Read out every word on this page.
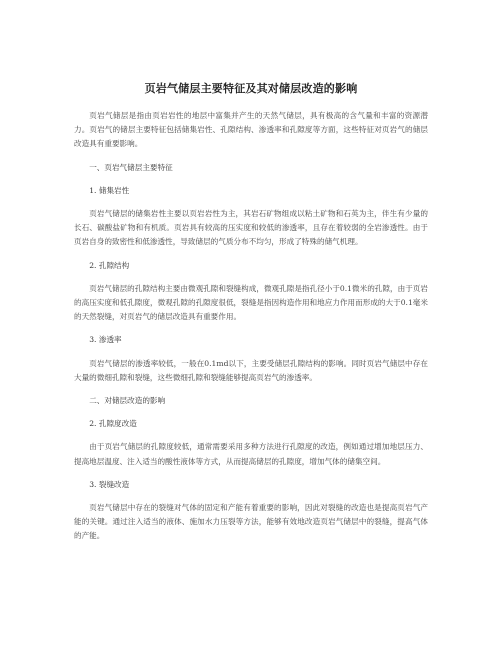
页岩气储层主要特征及其对储层改造的影响

页岩气储层是指由页岩岩性的地层中富集并产生的天然气储层，具有极高的含气量和丰富的资源潜力。页岩气的储层主要特征包括储集岩性、孔隙结构、渗透率和孔隙度等方面，这些特征对页岩气的储层改造具有重要影响。

一、页岩气储层主要特征

1. 储集岩性

页岩气储层的储集岩性主要以页岩岩性为主，其岩石矿物组成以粘土矿物和石英为主，伴生有少量的长石、碳酸盐矿物和有机质。页岩具有较高的压实度和较低的渗透率，且存在着较弱的全岩渗透性。由于页岩自身的致密性和低渗透性，导致储层的气质分布不均匀，形成了特殊的储气机理。

2. 孔隙结构

页岩气储层的孔隙结构主要由微观孔隙和裂缝构成，微观孔隙是指孔径小于0.1微米的孔隙，由于页岩的高压实度和低孔隙度，微观孔隙的孔隙度很低，裂缝是指因构造作用和地应力作用而形成的大于0.1毫米的天然裂缝，对页岩气的储层改造具有重要作用。

3. 渗透率

页岩气储层的渗透率较低，一般在0.1md以下，主要受储层孔隙结构的影响。同时页岩气储层中存在大量的微细孔隙和裂缝，这些微细孔隙和裂缝能够提高页岩气的渗透率。

二、对储层改造的影响

2. 孔隙度改造

由于页岩气储层的孔隙度较低，通常需要采用多种方法进行孔隙度的改造，例如通过增加地层压力、提高地层温度、注入适当的酸性液体等方式，从而提高储层的孔隙度，增加气体的储集空间。

3. 裂缝改造

页岩气储层中存在的裂缝对气体的固定和产能有着重要的影响，因此对裂缝的改造也是提高页岩气产能的关键。通过注入适当的液体、施加水力压裂等方法，能够有效地改造页岩气储层中的裂缝，提高气体的产能。
